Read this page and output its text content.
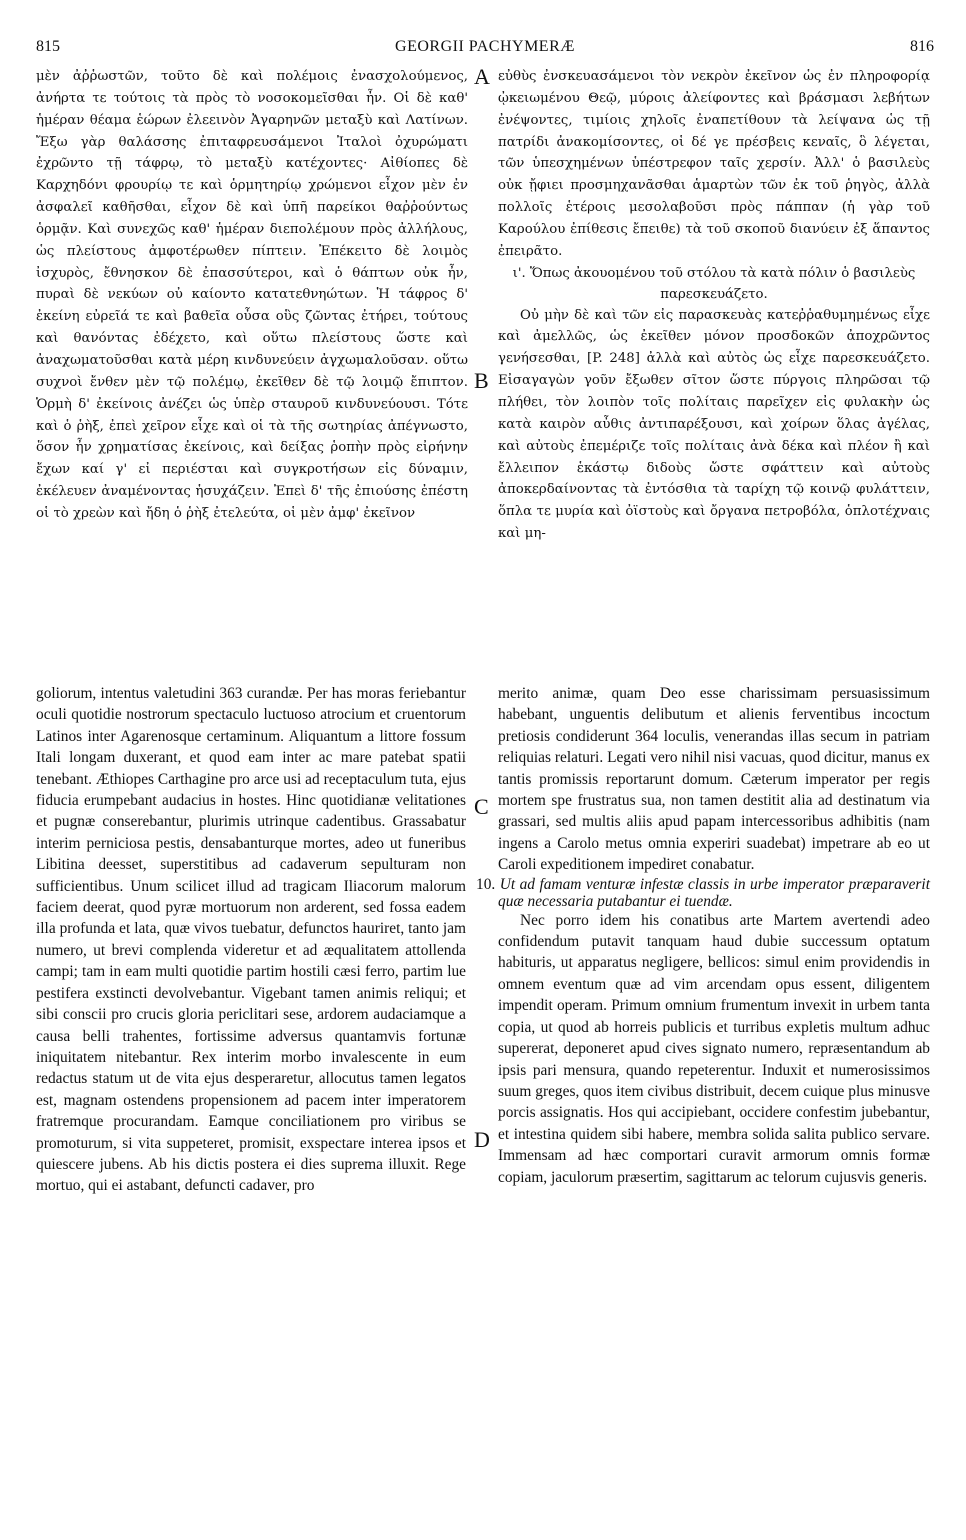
815	GEORGII PACHYMERÆ	816

μὲν ἀῤῥωστῶν, τοῦτο δὲ καὶ πολέμοις ἐνασχολούμενος, ἀνήρτα τε τούτοις τὰ πρὸς τὸ νοσοκομεῖσθαι ἦν. Οἱ δὲ καθ' ἡμέραν θέαμα ἑώρων ἐλεεινὸν Ἀγαρηνῶν μεταξὺ καὶ Λατίνων. Ἔξω γὰρ θαλάσσης ἐπιταφρευσάμενοι Ἰταλοὶ ὀχυρώματι ἐχρῶντο τῇ τάφρῳ, τὸ μεταξὺ κατέχοντες· Αἰθίοπες δὲ Καρχηδόνι φρουρίῳ τε καὶ ὁρμητηρίῳ χρώμενοι εἶχον μὲν ἐν ἀσφαλεῖ καθῆσθαι, εἶχον δὲ καὶ ὑπῆ παρείκοι θαῤῥούντως ὁρμᾷν. Καὶ συνεχῶς καθ' ἡμέραν διεπολέμουν πρὸς ἀλλήλους, ὡς πλείστους ἀμφοτέρωθεν πίπτειν. Ἐπέκειτο δὲ λοιμὸς ἰσχυρὸς, ἔθνησκον δὲ ἐπασσύτεροι, καὶ ὁ θάπτων οὐκ ἦν, πυραὶ δὲ νεκύων οὐ καίοντο κατατεθνηώτων. Ἡ τάφρος δ' ἐκείνη εὐρεῖά τε καὶ βαθεῖα οὖσα οὓς ζῶντας ἐτήρει, τούτους καὶ θανόντας ἐδέχετο, καὶ οὕτω πλείστους ὥστε καὶ ἀναχωματοῦσθαι κατὰ μέρη κινδυνεύειν ἀγχωμαλοῦσαν. οὕτω συχνοὶ ἔνθεν μὲν τῷ πολέμῳ, ἐκεῖθεν δὲ τῷ λοιμῷ ἔπιπτον. Ὁρμὴ δ' ἐκείνοις ἀνέζει ὡς ὑπὲρ σταυροῦ κινδυνεύουσι. Τότε καὶ ὁ ῥὴξ, ἐπεὶ χεῖρον εἶχε καὶ οἱ τὰ τῆς σωτηρίας ἀπέγνωστο, ὅσον ἦν χρηματίσας ἐκείνοις, καὶ δείξας ῥοπὴν πρὸς εἰρήνην ἔχων καί γ' εἰ περιέσται καὶ συγκροτήσων εἰς δύναμιν, ἐκέλευεν ἀναμένοντας ἡσυχάζειν. Ἐπεὶ δ' τῆς ἐπιούσης ἐπέστη οἱ τὸ χρεὼν καὶ ἤδη ὁ ῥὴξ ἐτελεύτα, οἱ μὲν ἀμφ' ἐκεῖνον

A
B

εὐθὺς ἐνσκευασάμενοι τὸν νεκρὸν ἐκεῖνον ὡς ἐν πληροφορίᾳ ᾠκειωμένου Θεῷ, μύροις ἀλείφοντες καὶ βράσμασι λεβήτων ἐνέψοντες, τιμίοις χηλοῖς ἐναπετίθουν τὰ λείψανα ὡς τῇ πατρίδι ἀνακομίσοντες, οἱ δέ γε πρέσβεις κεναῖς, ὃ λέγεται, τῶν ὑπεσχημένων ὑπέστρεφον ταῖς χερσίν. Ἀλλ' ὁ βασιλεὺς οὐκ ᾔφιει προσμηχανᾶσθαι ἁμαρτὼν τῶν ἐκ τοῦ ῥηγὸς, ἀλλὰ πολλοῖς ἑτέροις μεσολαβοῦσι πρὸς πάππαν (ἡ γὰρ τοῦ Καρούλου ἐπίθεσις ἔπειθε) τὰ τοῦ σκοποῦ διανύειν ἐξ ἅπαντος ἐπειρᾶτο.

ι'. Ὅπως ἀκουομένου τοῦ στόλου τὰ κατὰ πόλιν ὁ βασιλεὺς παρεσκευάζετο.

Οὐ μὴν δὲ καὶ τῶν εἰς παρασκευὰς κατεῤῥαθυμημένως εἶχε καὶ ἀμελλῶς, ὡς ἐκεῖθεν μόνον προσδοκῶν ἀποχρῶντος γενήσεσθαι, [P. 248] ἀλλὰ καὶ αὐτὸς ὡς εἶχε παρεσκευάζετο. Εἰσαγαγὼν γοῦν ἔξωθεν σῖτον ὥστε πύργοις πληρῶσαι τῷ πλήθει, τὸν λοιπὸν τοῖς πολίταις παρεῖχεν εἰς φυλακὴν ὡς κατὰ καιρὸν αὖθις ἀντιπαρέξουσι, καὶ χοίρων ὅλας ἀγέλας, καὶ αὐτοὺς ἐπεμέριζε τοῖς πολίταις ἀνὰ δέκα καὶ πλέον ἢ καὶ ἔλλειπον ἑκάστῳ διδοὺς ὥστε σφάττειν καὶ αὐτοὺς ἀποκερδαίνοντας τὰ ἐντόσθια τὰ ταρίχη τῷ κοινῷ φυλάττειν, ὅπλα τε μυρία καὶ ὀϊστοὺς καὶ ὄργανα πετροβόλα, ὁπλοτέχναις καὶ μη-

goliorum, intentus valetudini 363 curandæ. Per has moras feriebantur oculi quotidie nostrorum spectaculo luctuoso atrocium et cruentorum Latinos inter Agarenosque certaminum. Aliquantum a littore fossum Itali longam duxerant, et quod eam inter ac mare patebat spatii tenebant. Æthiopes Carthagine pro arce usi ad receptaculum tuta, ejus fiducia erumpebant audacius in hostes. Hinc quotidianæ velitationes et pugnæ conserebantur, plurimis utrinque cadentibus. Grassabatur interim perniciosa pestis, densabanturque mortes, adeo ut funeribus Libitina deesset, superstitibus ad cadaverum sepulturam non sufficientibus. Unum scilicet illud ad tragicam Iliacorum malorum faciem deerat, quod pyræ mortuorum non arderent, sed fossa eadem illa profunda et lata, quæ vivos tuebatur, defunctos hauriret, tanto jam numero, ut brevi complenda videretur et ad æqualitatem attollenda campi; tam in eam multi quotidie partim hostili cæsi ferro, partim lue pestifera exstincti devolvebantur. Vigebant tamen animis reliqui; et sibi conscii pro crucis gloria periclitari sese, ardorem audaciamque a causa belli trahentes, fortissime adversus quantamvis fortunæ iniquitatem nitebantur. Rex interim morbo invalescente in eum redactus statum ut de vita ejus desperaretur, allocutus tamen legatos est, magnam ostendens propensionem ad pacem inter imperatorem fratremque procurandam. Eamque conciliationem pro viribus se promoturum, si vita suppeteret, promisit, exspectare interea ipsos et quiescere jubens. Ab his dictis postera ei dies suprema illuxit. Rege mortuo, qui ei astabant, defuncti cadaver, pro

C
D

merito animæ, quam Deo esse charissimam persuasissimum habebant, unguentis delibutum et alienis ferventibus incoctum pretiosis condiderunt 364 loculis, venerandas illas secum in patriam reliquias relaturi. Legati vero nihil nisi vacuas, quod dicitur, manus ex tantis promissis reportarunt domum. Cæterum imperator per regis mortem spe frustratus sua, non tamen destitit alia ad destinatum via grassari, sed multis aliis apud papam intercessoribus adhibitis (nam ingens a Carolo metus omnia experiri suadebat) impetrare ab eo ut Caroli expeditionem impediret conabatur.

10. Ut ad famam venturæ infestæ classis in urbe imperator præparaverit quæ necessaria putabantur ei tuendæ.

Nec porro idem his conatibus arte Martem avertendi adeo confidendum putavit tanquam haud dubie successum optatum habituris, ut apparatus negligere, bellicos: simul enim providendis in omnem eventum quæ ad vim arcendam opus essent, diligentem impendit operam. Primum omnium frumentum invexit in urbem tanta copia, ut quod ab horreis publicis et turribus expletis multum adhuc supererat, deponeret apud cives signato numero, repræsentandum ab ipsis pari mensura, quando repeterentur. Induxit et numerosissimos suum greges, quos item civibus distribuit, decem cuique plus minusve porcis assignatis. Hos qui accipiebant, occidere confestim jubebantur, et intestina quidem sibi habere, membra solida salita publico servare. Immensam ad hæc comportari curavit armorum omnis formæ copiam, jaculorum præsertim, sagittarum ac telorum cujusvis generis.
